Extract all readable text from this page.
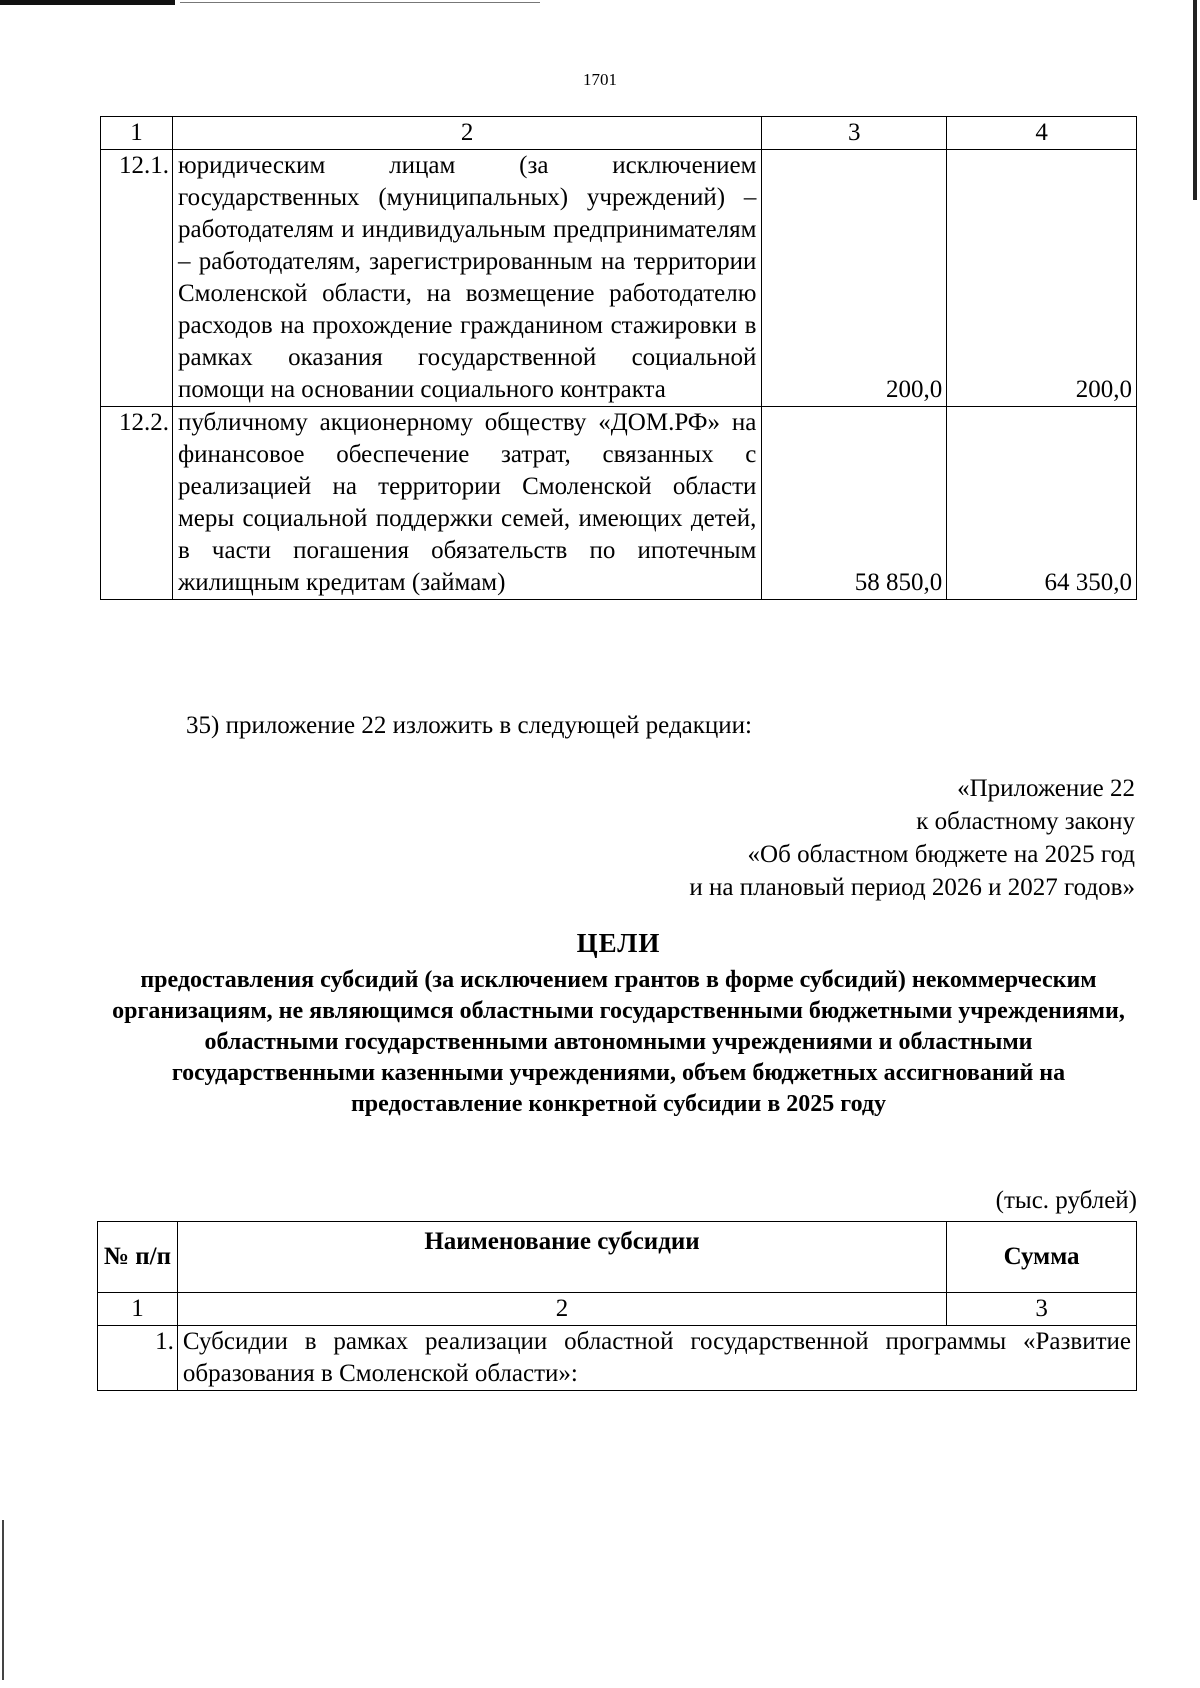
1701
1	2	3	4
12.1.	юридическим лицам (за исключением государственных (муниципальных) учреждений) – работодателям и индивидуальным предпринимателям – работодателям, зарегистрированным на территории Смоленской области, на возмещение работодателю расходов на прохождение гражданином стажировки в рамках оказания государственной социальной помощи на основании социального контракта	200,0	200,0
12.2.	публичному акционерному обществу «ДОМ.РФ» на финансовое обеспечение затрат, связанных с реализацией на территории Смоленской области меры социальной поддержки семей, имеющих детей, в части погашения обязательств по ипотечным жилищным кредитам (займам)	58 850,0	64 350,0
35) приложение 22 изложить в следующей редакции:
«Приложение 22
к областному закону
«Об областном бюджете на 2025 год
и на плановый период 2026 и 2027 годов»
ЦЕЛИ
предоставления субсидий (за исключением грантов в форме субсидий) некоммерческим организациям, не являющимся областными государственными бюджетными учреждениями, областными государственными автономными учреждениями и областными государственными казенными учреждениями, объем бюджетных ассигнований на предоставление конкретной субсидии в 2025 году
(тыс. рублей)
№ п/п	Наименование субсидии	Сумма
1	2	3
1.	Субсидии в рамках реализации областной государственной программы «Развитие образования в Смоленской области»:	
